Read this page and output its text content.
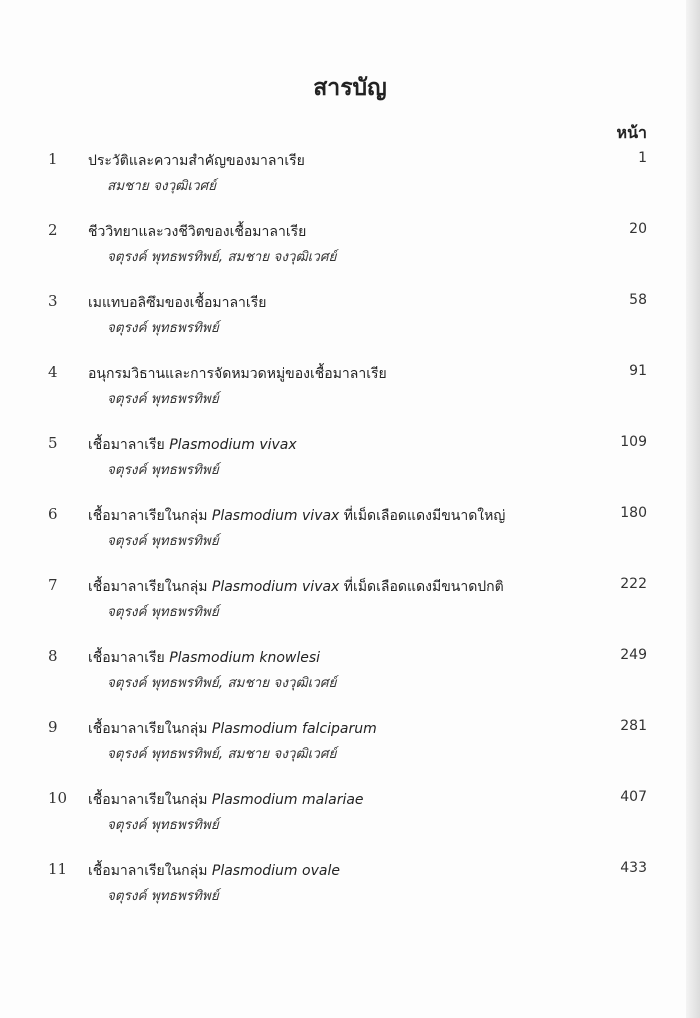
สารบัญ
หน้า
1	ประวัติและความสำคัญของมาลาเรีย
สมชาย จงวุฒิเวศย์
1
2	ชีววิทยาและวงชีวิตของเชื้อมาลาเรีย
จตุรงค์ พุทธพรทิพย์, สมชาย จงวุฒิเวศย์
20
3	เมแทบอลิซึมของเชื้อมาลาเรีย
จตุรงค์ พุทธพรทิพย์
58
4	อนุกรมวิธานและการจัดหมวดหมู่ของเชื้อมาลาเรีย
จตุรงค์ พุทธพรทิพย์
91
5	เชื้อมาลาเรีย Plasmodium vivax
จตุรงค์ พุทธพรทิพย์
109
6	เชื้อมาลาเรียในกลุ่ม Plasmodium vivax ที่เม็ดเลือดแดงมีขนาดใหญ่
จตุรงค์ พุทธพรทิพย์
180
7	เชื้อมาลาเรียในกลุ่ม Plasmodium vivax ที่เม็ดเลือดแดงมีขนาดปกติ
จตุรงค์ พุทธพรทิพย์
222
8	เชื้อมาลาเรีย Plasmodium knowlesi
จตุรงค์ พุทธพรทิพย์, สมชาย จงวุฒิเวศย์
249
9	เชื้อมาลาเรียในกลุ่ม Plasmodium falciparum
จตุรงค์ พุทธพรทิพย์, สมชาย จงวุฒิเวศย์
281
10	เชื้อมาลาเรียในกลุ่ม Plasmodium malariae
จตุรงค์ พุทธพรทิพย์
407
11	เชื้อมาลาเรียในกลุ่ม Plasmodium ovale
จตุรงค์ พุทธพรทิพย์
433
